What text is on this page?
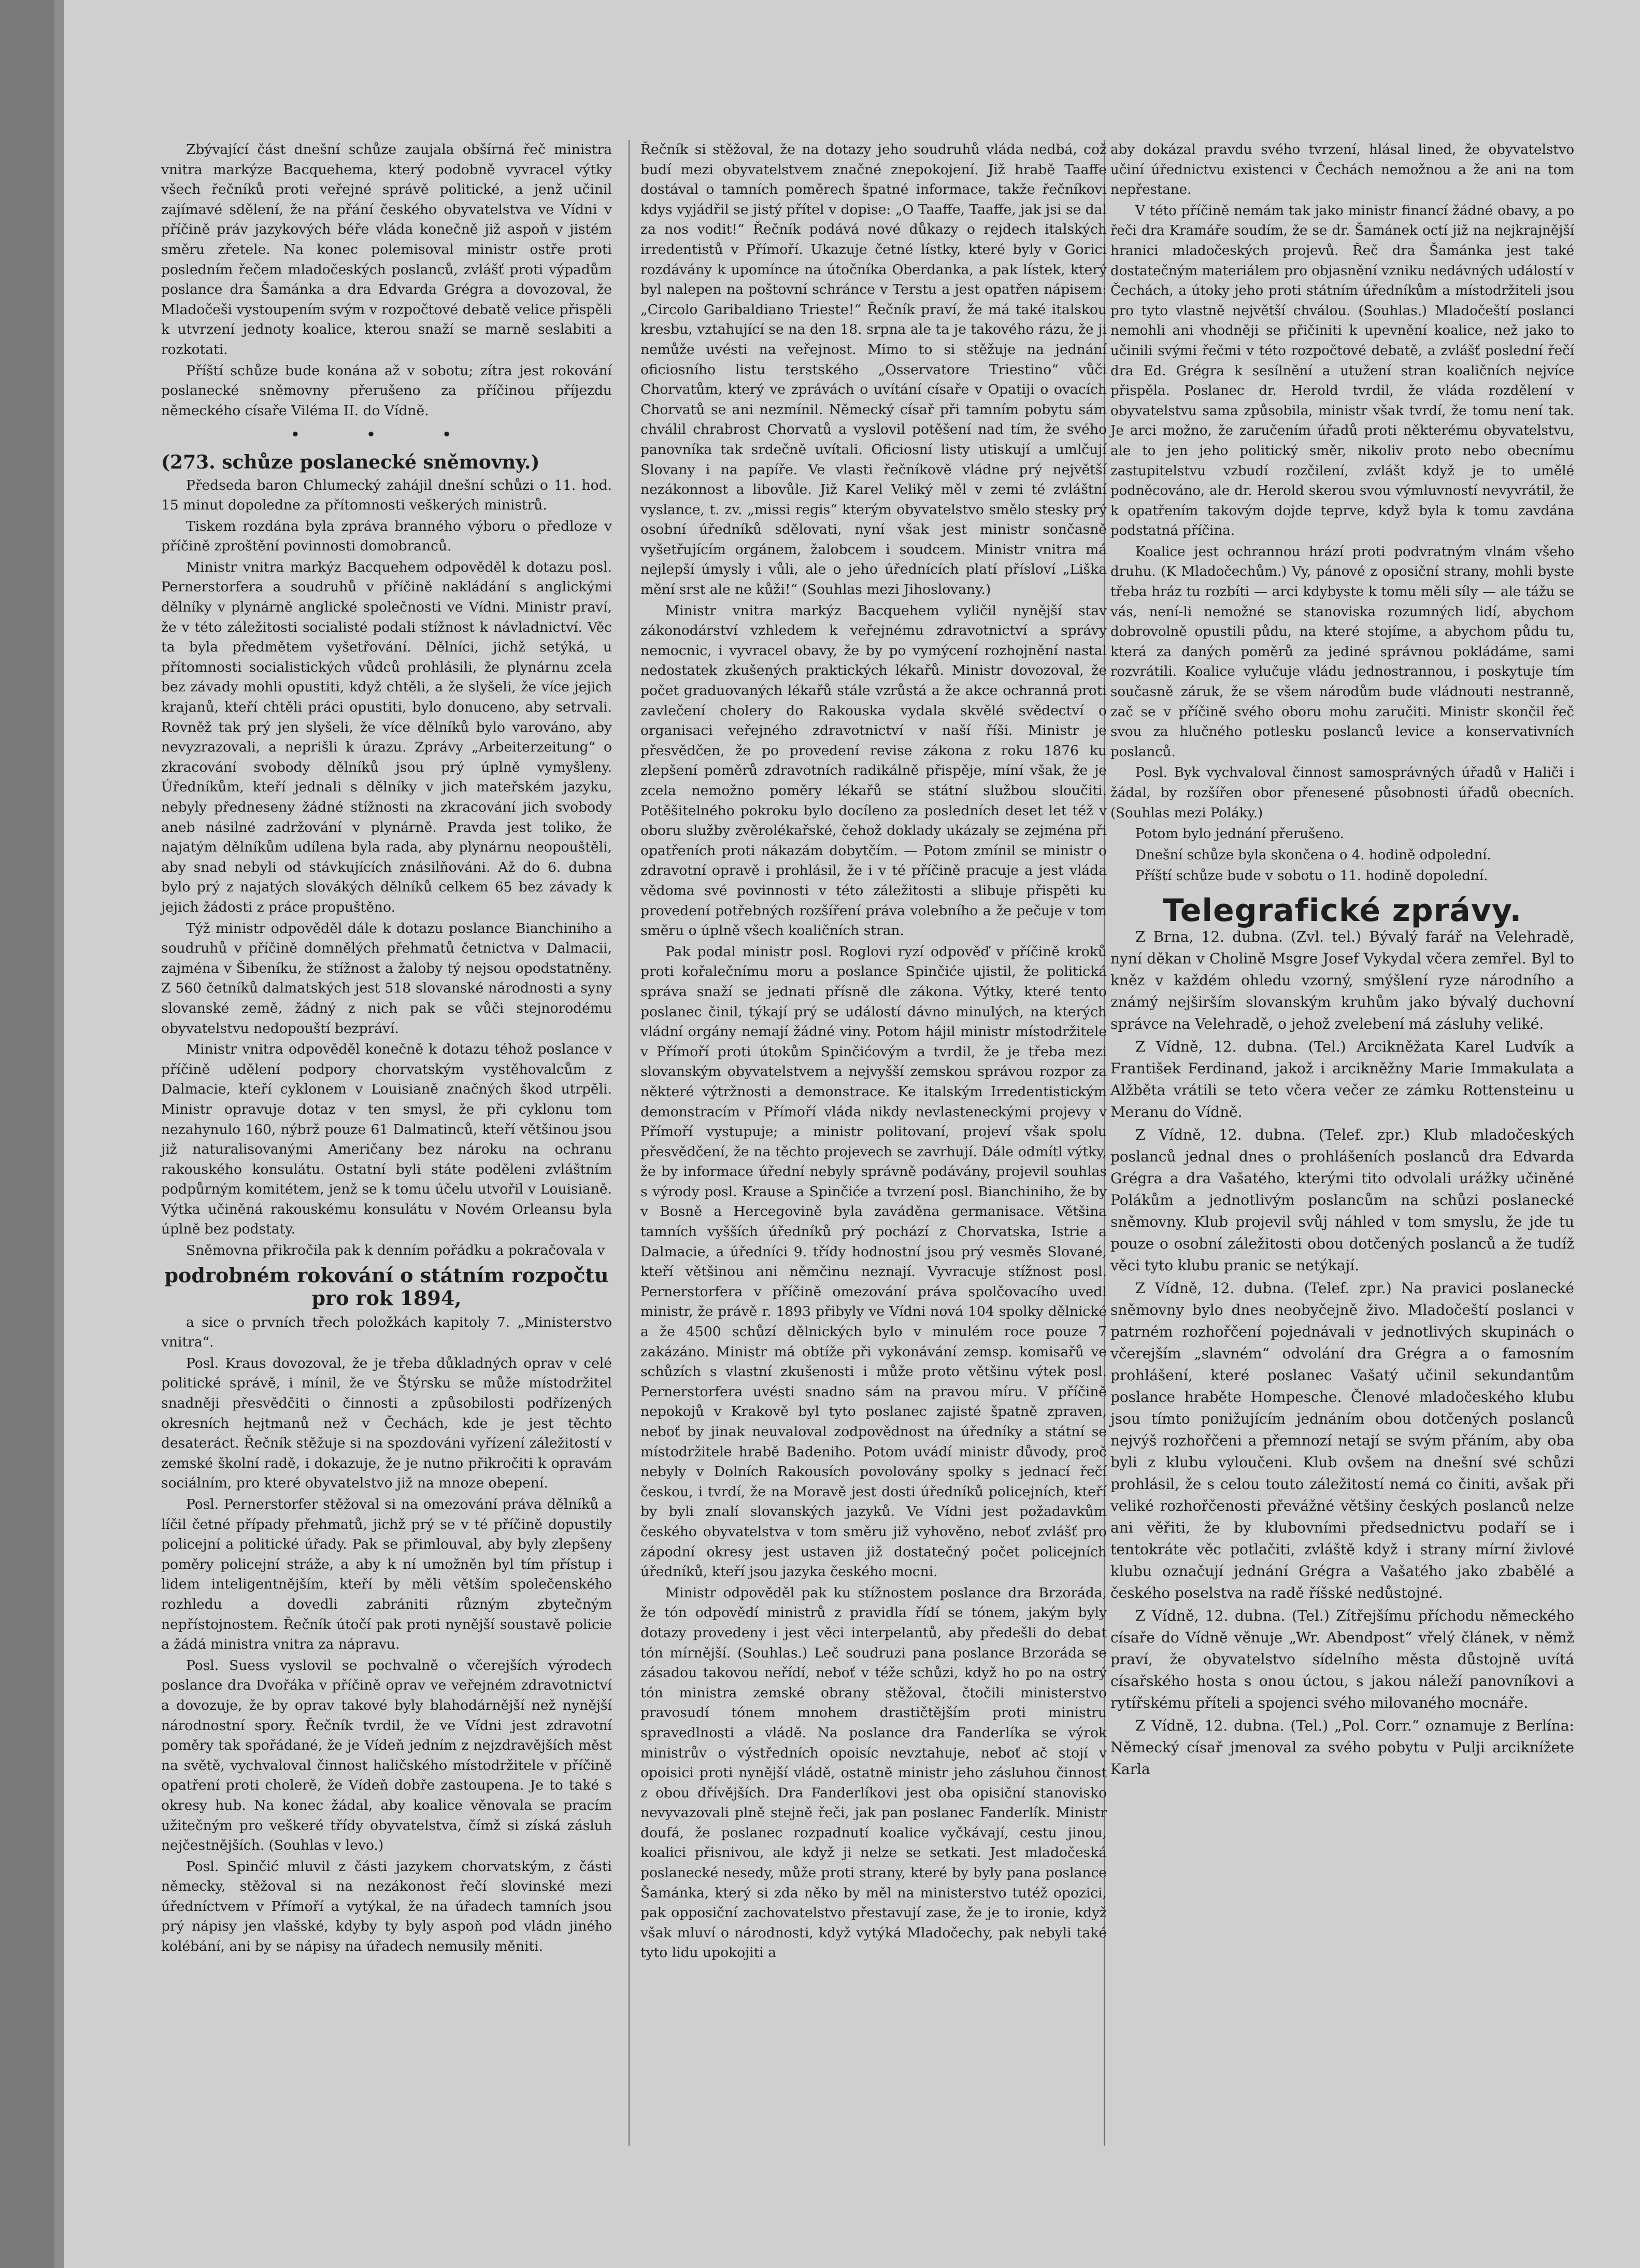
Zbývající část dnešní schůze zaujala obšírná řeč ministra vnitra markýze Bacquehema, který podobně vyvracel výtky všech řečníků proti veřejné správě politické, a jenž učinil zajímavé sdělení, že na přání českého obyvatelstva ve Vídni v příčině práv jazykových béře vláda konečně již aspoň v jistém směru zřetele. Na konec polemisoval ministr ostře proti posledním řečem mladočeských poslanců, zvlášť proti výpadům poslance dra Šamánka a dra Edvarda Grégra a dovozoval, že Mladočeši vystoupením svým v rozpočtové debatě velice přispěli k utvrzení jednoty koalice, kterou snaží se marně seslabiti a rozkotati.

Příští schůze bude konána až v sobotu; zítra jest rokování poslanecké sněmovny přerušeno za příčinou příjezdu německého císaře Viléma II. do Vídně.

• • •
(273. schůze poslanecké sněmovny.)

Předseda baron Chlumecký zahájil dnešní schůzi o 11. hod. 15 minut dopoledne za přítomnosti veškerých ministrů.

Tiskem rozdána byla zpráva branného výboru o předloze v příčině zproštění povinnosti domobranců.

Ministr vnitra markýz Bacquehem odpověděl k dotazu posl. Pernerstorfera a soudruhů v příčině nakládání s anglickými dělníky v plynárně anglické společnosti ve Vídni. Ministr praví, že v této záležitosti socialisté podali stížnost k návladnictví. Věc ta byla předmětem vyšetřování. Dělníci, jichž setýká, u přítomnosti socialistických vůdců prohlásili, že plynárnu zcela bez závady mohli opustiti, když chtěli, a že slyšeli, že více jejich krajanů, kteří chtěli práci opustiti, bylo donuceno, aby setrvali. Rovněž tak prý jen slyšeli, že více dělníků bylo varováno, aby nevyzrazovali, a neprišli k úrazu. Zprávy „Arbeiterzeitung“ o zkracování svobody dělníků jsou prý úplně vymyšleny. Úředníkům, kteří jednali s dělníky v jich mateřském jazyku, nebyly předneseny žádné stížnosti na zkracování jich svobody aneb násilné zadržování v plynárně. Pravda jest toliko, že najatým dělníkům udílena byla rada, aby plynárnu neopouštěli, aby snad nebyli od stávkujících znásilňováni. Až do 6. dubna bylo prý z najatých slovákých dělníků celkem 65 bez závady k jejich žádosti z práce propuštěno.

Týž ministr odpověděl dále k dotazu poslance Bianchiniho a soudruhů v příčině domnělých přehmatů četnictva v Dalmacii, zajména v Šibeníku, že stížnost a žaloby tý nejsou opodstatněny. Z 560 četníků dalmatských jest 518 slovanské národnosti a syny slovanské země, žádný z nich pak se vůči stejnorodému obyvatelstvu nedopouští bezpráví.

Ministr vnitra odpověděl konečně k dotazu téhož poslance v příčině udělení podpory chorvatským vystěhovalcům z Dalmacie, kteří cyklonem v Louisianě značných škod utrpěli. Ministr opravuje dotaz v ten smysl, že při cyklonu tom nezahynulo 160, nýbrž pouze 61 Dalmatinců, kteří většinou jsou již naturalisovanými Američany bez nároku na ochranu rakouského konsulátu. Ostatní byli státe poděleni zvláštním podpůrným komitétem, jenž se k tomu účelu utvořil v Louisianě. Výtka učiněná rakouskému konsulátu v Novém Orleansu byla úplně bez podstaty.

Sněmovna přikročila pak k denním pořádku a pokračovala v

podrobném rokování o státním rozpočtu pro rok 1894,

a sice o prvních třech položkách kapitoly 7. „Ministerstvo vnitra“.

Posl. Kraus dovozoval, že je třeba důkladných oprav v celé politické správě, i mínil, že ve Štýrsku se může místodržitel snadněji přesvědčiti o činnosti a způsobilosti podřízených okresních hejtmanů než v Čechách, kde je jest těchto desateráct. Řečník stěžuje si na spozdováni vyřízení záležitostí v zemské školní radě, i dokazuje, že je nutno přikročiti k opravám sociálním, pro které obyvatelstvo již na mnoze obepení.

Posl. Pernerstorfer stěžoval si na omezování práva dělníků a líčil četné případy přehmatů, jichž prý se v té příčině dopustily policejní a politické úřady. Pak se přimlouval, aby byly zlepšeny poměry policejní stráže, a aby k ní umožněn byl tím přístup i lidem inteligentnějším, kteří by měli větším společenského rozhledu a dovedli zabrániti různým zbytečným nepřístojnostem. Řečník útočí pak proti nynější soustavě policie a žádá ministra vnitra za nápravu.

Posl. Suess vyslovil se pochvalně o včerejších výrodech poslance dra Dvořáka v příčině oprav ve veřejném zdravotnictví a dovozuje, že by oprav takové byly blahodárnější než nynější národnostní spory. Řečník tvrdil, že ve Vídni jest zdravotní poměry tak spořádané, že je Vídeň jedním z nejzdravějších měst na světě, vychvaloval činnost haličského místodržitele v příčině opatření proti cholerě, že Vídeň dobře zastoupena. Je to také s okresy hub. Na konec žádal, aby koalice věnovala se pracím užitečným pro veškeré třídy obyvatelstva, čímž si získá zásluh nejčestnějších. (Souhlas v levo.)

Posl. Spinčić mluvil z části jazykem chorvatským, z části německy, stěžoval si na nezákonost řečí slovinské mezi úředníctvem v Přímoří a vytýkal, že na úřadech tamních jsou prý nápisy jen vlašské, kdyby ty byly aspoň pod vládn jiného kolébání, ani by se nápisy na úřadech nemusily měniti.

Řečník si stěžoval, že na dotazy jeho soudruhů vláda nedbá, což budí mezi obyvatelstvem značné znepokojení. Již hrabě Taaffe dostával o tamních poměrech špatné informace, takže řečníkovi kdys vyjádřil se jistý přítel v dopise: „O Taaffe, Taaffe, jak jsi se dal za nos vodit!“ Řečník podává nové důkazy o rejdech italských irredentistů v Přímoří. Ukazuje četné lístky, které byly v Gorici rozdávány k upomínce na útočníka Oberdanka, a pak lístek, který byl nalepen na poštovní schránce v Terstu a jest opatřen nápisem: „Circolo Garibaldiano Trieste!“ Řečník praví, že má také italskou kresbu, vztahující se na den 18. srpna ale ta je takového rázu, že ji nemůže uvésti na veřejnost. Mimo to si stěžuje na jednání oficiosního listu terstského „Osservatore Triestino“ vůči Chorvatům, který ve zprávách o uvítání císaře v Opatiji o ovacích Chorvatů se ani nezmínil. Německý císař při tamním pobytu sám chválil chrabrost Chorvatů a vyslovil potěšení nad tím, že svého panovníka tak srdečně uvítali. Oficiosní listy utiskují a umlčují Slovany i na papíře. Ve vlasti řečníkově vládne prý největší nezákonnost a libovůle. Již Karel Veliký měl v zemi té zvláštní vyslance, t. zv. „missi regis“ kterým obyvatelstvo smělo stesky prý osobní úředníků sdělovati, nyní však jest ministr sončasně vyšetřujícím orgánem, žalobcem i soudcem. Ministr vnitra má nejlepší úmysly i vůli, ale o jeho úřednících platí přísloví „Liška mění srst ale ne kůži!“ (Souhlas mezi Jihoslovany.)

Ministr vnitra markýz Bacquehem vyličil nynější stav zákonodárství vzhledem k veřejnému zdravotnictví a správy nemocnic, i vyvracel obavy, že by po vymýcení rozhojnění nastal nedostatek zkušených praktických lékařů. Ministr dovozoval, že počet graduovaných lékařů stále vzrůstá a že akce ochranná proti zavlečení cholery do Rakouska vydala skvělé svědectví o organisaci veřejného zdravotnictví v naší říši. Ministr je přesvědčen, že po provedení revise zákona z roku 1876 ku zlepšení poměrů zdravotních radikálně přispěje, míní však, že je zcela nemožno poměry lékařů se státní službou sloučiti. Potěšitelného pokroku bylo docíleno za posledních deset let též v oboru služby zvěrolékařské, čehož doklady ukázaly se zejména při opatřeních proti nákazám dobytčím. — Potom zmínil se ministr o zdravotní opravě i prohlásil, že i v té příčině pracuje a jest vláda vědoma své povinnosti v této záležitosti a slibuje přispěti ku provedení potřebných rozšíření práva volebního a že pečuje v tom směru o úplně všech koaličních stran.

Pak podal ministr posl. Roglovi ryzí odpověď v příčině kroků proti kořalečnímu moru a poslance Spinčiće ujistil, že politická správa snaží se jednati přísně dle zákona. Výtky, které tento poslanec činil, týkají prý se událostí dávno minulých, na kterých vládní orgány nemají žádné viny. Potom hájil ministr místodržitele v Přímoří proti útokům Spinčićovým a tvrdil, že je třeba mezi slovanským obyvatelstvem a nejvyšší zemskou správou rozpor za některé výtržnosti a demonstrace. Ke italským Irredentistickým demonstracím v Přímoří vláda nikdy nevlasteneckými projevy v Přímoří vystupuje; a ministr politovaní, projeví však spolu přesvědčení, že na těchto projevech se zavrhují. Dále odmítl výtky, že by informace úřední nebyly správně podávány, projevil souhlas s výrody posl. Krause a Spinčiće a tvrzení posl. Bianchiniho, že by v Bosně a Hercegovině byla zaváděna germanisace. Většina tamních vyšších úředníků prý pochází z Chorvatska, Istrie a Dalmacie, a úředníci 9. třídy hodnostní jsou prý vesměs Slované, kteří většinou ani němčinu neznají. Vyvracuje stížnost posl. Pernerstorfera v příčině omezování práva spolčovacího uvedl ministr, že právě r. 1893 přibyly ve Vídni nová 104 spolky dělnické a že 4500 schůzí dělnických bylo v minulém roce pouze 7 zakázáno. Ministr má obtíže při vykonávání zemsp. komisařů ve schůzích s vlastní zkušenosti i může proto většinu výtek posl. Pernerstorfera uvésti snadno sám na pravou míru. V příčině nepokojů v Krakově byl tyto poslanec zajisté špatně zpraven, neboť by jinak neuvaloval zodpovědnost na úředníky a státní se místodržitele hrabě Badeniho. Potom uvádí ministr důvody, proč nebyly v Dolních Rakousích povolovány spolky s jednací řečí českou, i tvrdí, že na Moravě jest dosti úředníků policejních, kteří by byli znalí slovanských jazyků. Ve Vídni jest požadavkům českého obyvatelstva v tom směru již vyhověno, neboť zvlášť pro zápodní okresy jest ustaven již dostatečný počet policejních úředníků, kteří jsou jazyka českého mocni.

Ministr odpověděl pak ku stížnostem poslance dra Brzoráda, že tón odpovědí ministrů z pravidla řídí se tónem, jakým byly dotazy provedeny i jest věci interpelantů, aby předešli do debat tón mírnější. (Souhlas.) Leč soudruzi pana poslance Brzoráda se zásadou takovou neřídí, neboť v téže schůzi, když ho po na ostrý tón ministra zemské obrany stěžoval, čtočili ministerstvo pravosudí tónem mnohem drastičtějším proti ministru spravedlnosti a vládě. Na poslance dra Fanderlíka se výrok ministrův o výstředních opoisíc nevztahuje, neboť ač stojí v opoisici proti nynější vládě, ostatně ministr jeho zásluhou činnost z obou dřívějších. Dra Fanderlíkovi jest oba opisiční stanovisko nevyvazovali plně stejně řeči, jak pan poslanec Fanderlík. Ministr doufá, že poslanec rozpadnutí koalice vyčkávají, cestu jinou, koalici přisnivou, ale když ji nelze se setkati. Jest mladočeská poslanecké nesedy, může proti strany, které by byly pana poslance Šamánka, který si zda něko by měl na ministerstvo tutéž opozici, pak opposiční zachovatelstvo přestavují zase, že je to ironie, když však mluví o národnosti, když vytýká Mladočechy, pak nebyli také tyto lidu upokojiti a

aby dokázal pravdu svého tvrzení, hlásal lined, že obyvatelstvo učiní úřednictvu existenci v Čechách nemožnou a že ani na tom nepřestane.

V této příčině nemám tak jako ministr financí žádné obavy, a po řeči dra Kramáře soudím, že se dr. Šamánek octí již na nejkrajnější hranici mladočeských projevů. Řeč dra Šamánka jest také dostatečným materiálem pro objasnění vzniku nedávných událostí v Čechách, a útoky jeho proti státním úředníkům a místodržiteli jsou pro tyto vlastně největší chválou. (Souhlas.) Mladočeští poslanci nemohli ani vhodněji se přičiniti k upevnění koalice, než jako to učinili svými řečmi v této rozpočtové debatě, a zvlášť poslední řečí dra Ed. Grégra k sesílnění a utužení stran koaličních nejvíce přispěla. Poslanec dr. Herold tvrdil, že vláda rozdělení v obyvatelstvu sama způsobila, ministr však tvrdí, že tomu není tak. Je arci možno, že zaručením úřadů proti některému obyvatelstvu, ale to jen jeho politický směr, nikoliv proto nebo obecnímu zastupitelstvu vzbudí rozčilení, zvlášt když je to umělé podněcováno, ale dr. Herold skerou svou výmluvností nevyvrátil, že k opatřením takovým dojde teprve, když byla k tomu zavdána podstatná příčina.

Koalice jest ochrannou hrází proti podvratným vlnám všeho druhu. (K Mladočechům.) Vy, pánové z oposiční strany, mohli byste třeba hráz tu rozbíti — arci kdybyste k tomu měli síly — ale tážu se vás, není-li nemožné se stanoviska rozumných lidí, abychom dobrovolně opustili půdu, na které stojíme, a abychom půdu tu, která za daných poměrů za jediné správnou pokládáme, sami rozvrátili. Koalice vylučuje vládu jednostrannou, i poskytuje tím současně záruk, že se všem národům bude vládnouti nestranně, zač se v příčině svého oboru mohu zaručiti. Ministr skončil řeč svou za hlučného potlesku poslanců levice a konservativních poslanců.

Posl. Byk vychvaloval činnost samosprávných úřadů v Haliči i žádal, by rozšířen obor přenesené působnosti úřadů obecních. (Souhlas mezi Poláky.)

Potom bylo jednání přerušeno.

Dnešní schůze byla skončena o 4. hodině odpolední.

Příští schůze bude v sobotu o 11. hodině dopolední.

Telegrafické zprávy.

Z Brna, 12. dubna. (Zvl. tel.) Bývalý farář na Velehradě, nyní děkan v Cholině Msgre Josef Vykydal včera zemřel. Byl to kněz v každém ohledu vzorný, smýšlení ryze národního a známý nejširším slovanským kruhům jako bývalý duchovní správce na Velehradě, o jehož zvelebení má zásluhy veliké.

Z Vídně, 12. dubna. (Tel.) Arcikněžata Karel Ludvík a František Ferdinand, jakož i arcikněžny Marie Immakulata a Alžběta vrátili se teto včera večer ze zámku Rottensteinu u Meranu do Vídně.

Z Vídně, 12. dubna. (Telef. zpr.) Klub mladočeských poslanců jednal dnes o prohlášeních poslanců dra Edvarda Grégra a dra Vašatého, kterými tito odvolali urážky učiněné Polákům a jednotlivým poslancům na schůzi poslanecké sněmovny. Klub projevil svůj náhled v tom smyslu, že jde tu pouze o osobní záležitosti obou dotčených poslanců a že tudíž věci tyto klubu pranic se netýkají.

Z Vídně, 12. dubna. (Telef. zpr.) Na pravici poslanecké sněmovny bylo dnes neobyčejně živo. Mladočeští poslanci v patrném rozhořčení pojednávali v jednotlivých skupinách o včerejším „slavném“ odvolání dra Grégra a o famosním prohlášení, které poslanec Vašatý učinil sekundantům poslance hraběte Hompesche. Členové mladočeského klubu jsou tímto ponižujícím jednáním obou dotčených poslanců nejvýš rozhořčeni a přemnozí netají se svým přáním, aby oba byli z klubu vyloučeni. Klub ovšem na dnešní své schůzi prohlásil, že s celou touto záležitostí nemá co činiti, avšak při veliké rozhořčenosti převážné většiny českých poslanců nelze ani věřiti, že by klubovními předsednictvu podaří se i tentokráte věc potlačiti, zvláště když i strany mírní živlové klubu označují jednání Grégra a Vašatého jako zbabělé a českého poselstva na radě říšské nedůstojné.

Z Vídně, 12. dubna. (Tel.) Zítřejšímu příchodu německého císaře do Vídně věnuje „Wr. Abendpost“ vřelý článek, v němž praví, že obyvatelstvo sídelního města důstojně uvítá císařského hosta s onou úctou, s jakou náleží panovníkovi a rytířskému příteli a spojenci svého milovaného mocnáře.

Z Vídně, 12. dubna. (Tel.) „Pol. Corr.“ oznamuje z Berlína: Německý císař jmenoval za svého pobytu v Pulji arciknížete Karla
